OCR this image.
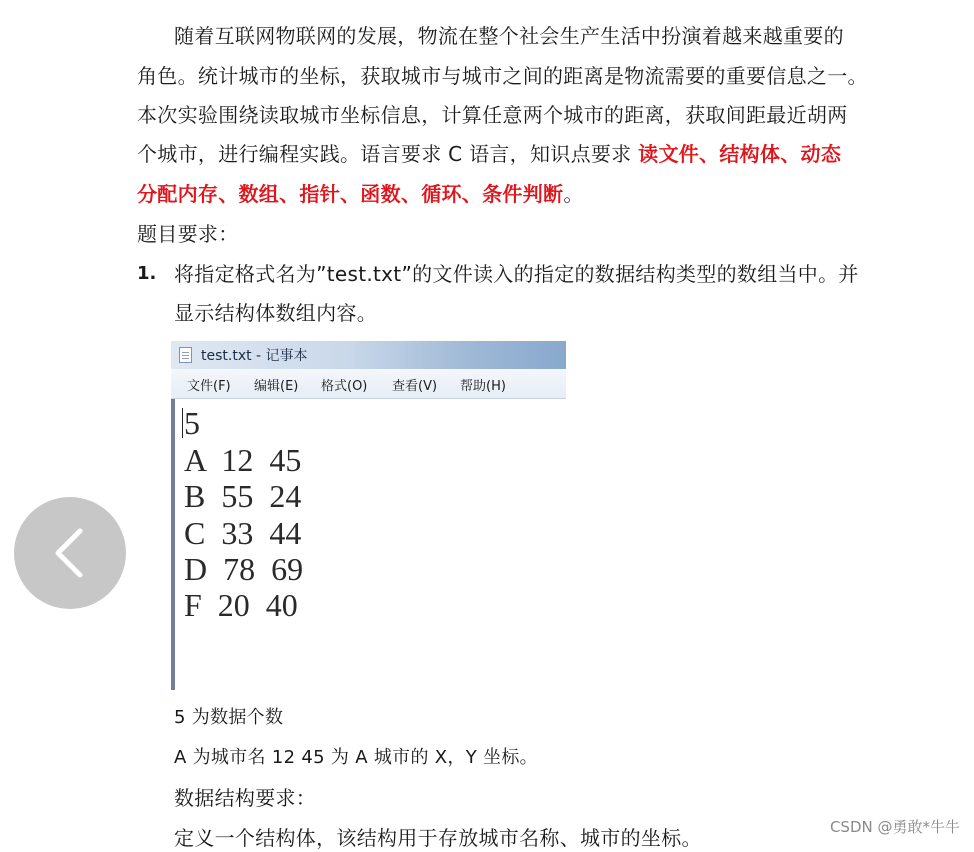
随着互联网物联网的发展，物流在整个社会生产生活中扮演着越来越重要的
角色。统计城市的坐标，获取城市与城市之间的距离是物流需要的重要信息之一。
本次实验围绕读取城市坐标信息，计算任意两个城市的距离，获取间距最近胡两
个城市，进行编程实践。语言要求 C 语言，知识点要求 读文件、结构体、动态
分配内存、数组、指针、函数、循环、条件判断。
题目要求：
1. 将指定格式名为”test.txt”的文件读入的指定的数据结构类型的数组当中。并
显示结构体数组内容。
test.txt - 记事本
文件(F) 编辑(E) 格式(O) 查看(V) 帮助(H)
5
A  12  45
B  55  24
C  33  44
D  78  69
F  20  40
5 为数据个数
A 为城市名 12 45 为 A 城市的 X，Y 坐标。
数据结构要求：
定义一个结构体，该结构用于存放城市名称、城市的坐标。	CSDN @勇敢*牛牛
